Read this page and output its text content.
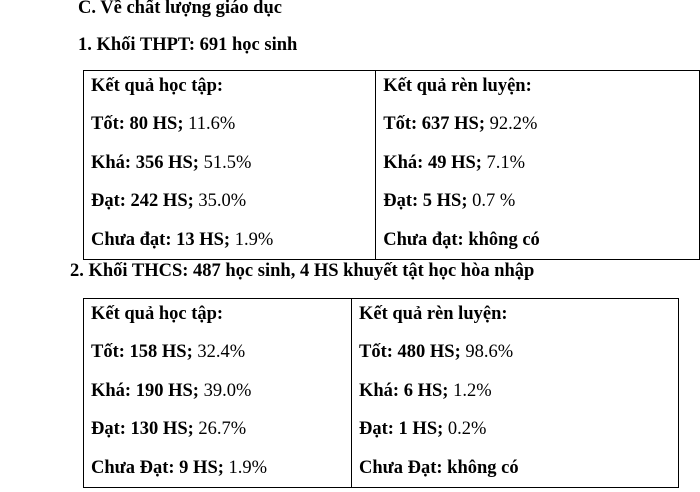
C. Về chất lượng giáo dục

1. Khối THPT: 691 học sinh

Kết quả học tập:
Tốt: 80 HS; 11.6%
Khá: 356 HS; 51.5%
Đạt: 242 HS; 35.0%
Chưa đạt: 13 HS; 1.9%

Kết quả rèn luyện:
Tốt: 637 HS; 92.2%
Khá: 49 HS; 7.1%
Đạt: 5 HS; 0.7 %
Chưa đạt: không có

2. Khối THCS: 487 học sinh, 4 HS khuyết tật học hòa nhập

Kết quả học tập:
Tốt: 158 HS; 32.4%
Khá: 190 HS; 39.0%
Đạt: 130 HS; 26.7%
Chưa Đạt: 9 HS; 1.9%

Kết quả rèn luyện:
Tốt: 480 HS; 98.6%
Khá: 6 HS; 1.2%
Đạt: 1 HS; 0.2%
Chưa Đạt: không có
